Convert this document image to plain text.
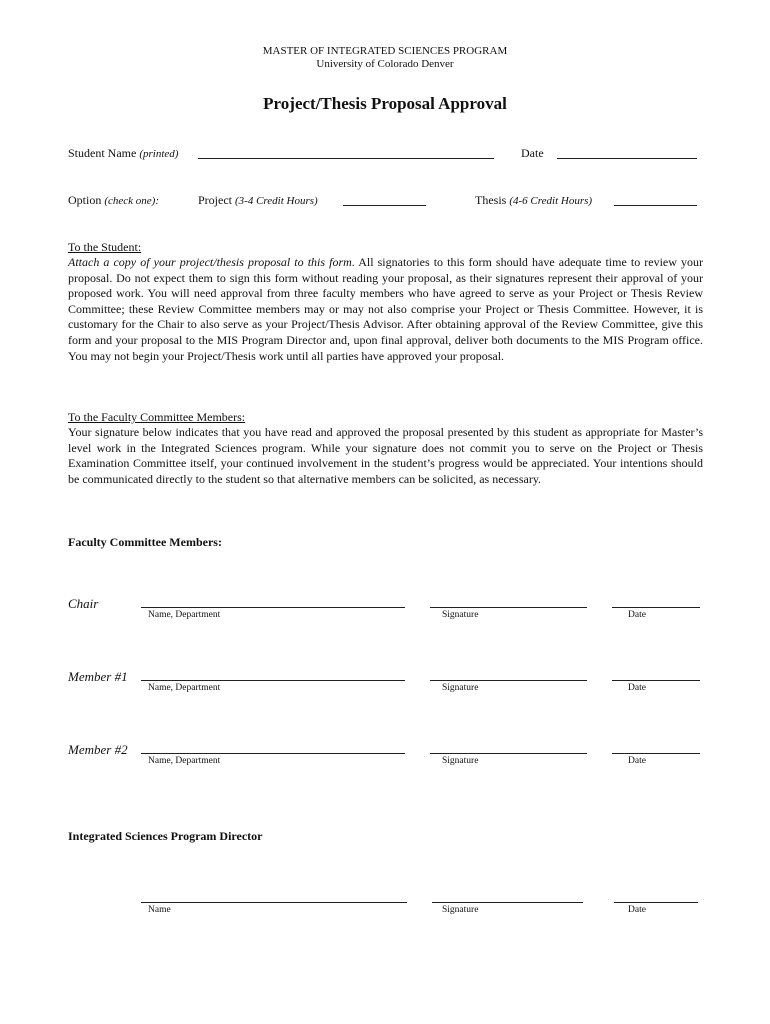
MASTER OF INTEGRATED SCIENCES PROGRAM
University of Colorado Denver
Project/Thesis Proposal Approval
Student Name (printed)	Date
Option (check one):	Project (3-4 Credit Hours)	Thesis (4-6 Credit Hours)
To the Student:
Attach a copy of your project/thesis proposal to this form. All signatories to this form should have adequate time to review your proposal. Do not expect them to sign this form without reading your proposal, as their signatures represent their approval of your proposed work. You will need approval from three faculty members who have agreed to serve as your Project or Thesis Review Committee; these Review Committee members may or may not also comprise your Project or Thesis Committee. However, it is customary for the Chair to also serve as your Project/Thesis Advisor. After obtaining approval of the Review Committee, give this form and your proposal to the MIS Program Director and, upon final approval, deliver both documents to the MIS Program office. You may not begin your Project/Thesis work until all parties have approved your proposal.
To the Faculty Committee Members:
Your signature below indicates that you have read and approved the proposal presented by this student as appropriate for Master’s level work in the Integrated Sciences program. While your signature does not commit you to serve on the Project or Thesis Examination Committee itself, your continued involvement in the student’s progress would be appreciated. Your intentions should be communicated directly to the student so that alternative members can be solicited, as necessary.
Faculty Committee Members:
Chair
Name, Department	Signature	Date
Member #1
Name, Department	Signature	Date
Member #2
Name, Department	Signature	Date
Integrated Sciences Program Director
Name	Signature	Date
